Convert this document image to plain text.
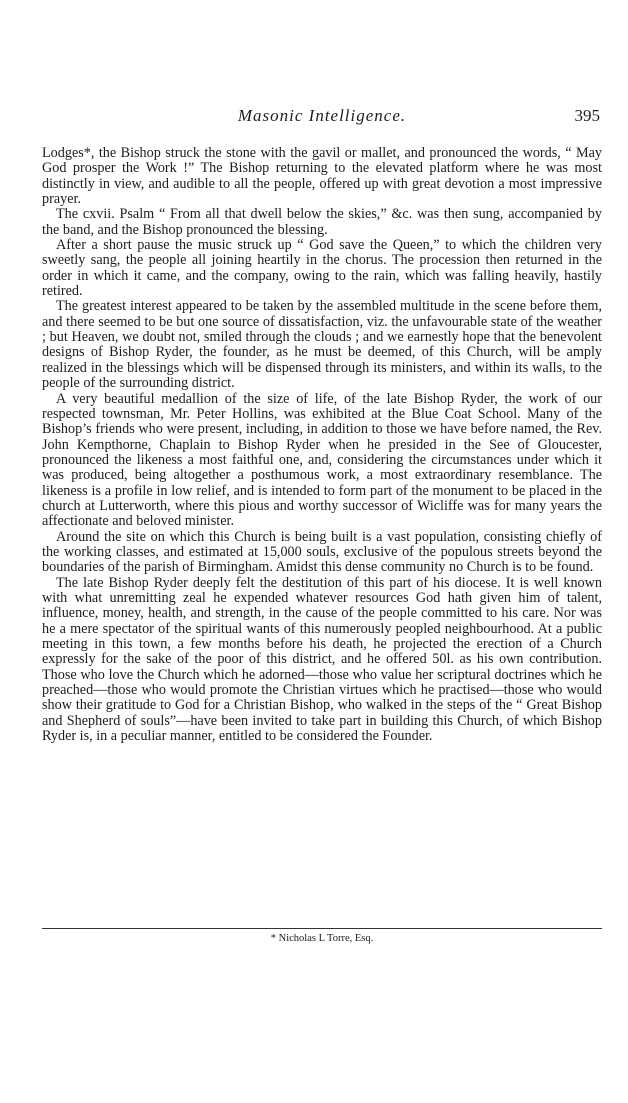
Masonic Intelligence.	395

Lodges*, the Bishop struck the stone with the gavil or mallet, and pronounced the words, “ May God prosper the Work !” The Bishop returning to the elevated platform where he was most distinctly in view, and audible to all the people, offered up with great devotion a most impressive prayer.

The cxvii. Psalm “ From all that dwell below the skies,” &c. was then sung, accompanied by the band, and the Bishop pronounced the blessing.

After a short pause the music struck up “ God save the Queen,” to which the children very sweetly sang, the people all joining heartily in the chorus. The procession then returned in the order in which it came, and the company, owing to the rain, which was falling heavily, hastily retired.

The greatest interest appeared to be taken by the assembled multitude in the scene before them, and there seemed to be but one source of dissatisfaction, viz. the unfavourable state of the weather ; but Heaven, we doubt not, smiled through the clouds ; and we earnestly hope that the benevolent designs of Bishop Ryder, the founder, as he must be deemed, of this Church, will be amply realized in the blessings which will be dispensed through its ministers, and within its walls, to the people of the surrounding district.

A very beautiful medallion of the size of life, of the late Bishop Ryder, the work of our respected townsman, Mr. Peter Hollins, was exhibited at the Blue Coat School. Many of the Bishop’s friends who were present, including, in addition to those we have before named, the Rev. John Kempthorne, Chaplain to Bishop Ryder when he presided in the See of Gloucester, pronounced the likeness a most faithful one, and, considering the circumstances under which it was produced, being altogether a posthumous work, a most extraordinary resemblance. The likeness is a profile in low relief, and is intended to form part of the monument to be placed in the church at Lutterworth, where this pious and worthy successor of Wicliffe was for many years the affectionate and beloved minister.

Around the site on which this Church is being built is a vast population, consisting chiefly of the working classes, and estimated at 15,000 souls, exclusive of the populous streets beyond the boundaries of the parish of Birmingham. Amidst this dense community no Church is to be found.

The late Bishop Ryder deeply felt the destitution of this part of his diocese. It is well known with what unremitting zeal he expended whatever resources God hath given him of talent, influence, money, health, and strength, in the cause of the people committed to his care. Nor was he a mere spectator of the spiritual wants of this numerously peopled neighbourhood. At a public meeting in this town, a few months before his death, he projected the erection of a Church expressly for the sake of the poor of this district, and he offered 50l. as his own contribution. Those who love the Church which he adorned—those who value her scriptural doctrines which he preached—those who would promote the Christian virtues which he practised—those who would show their gratitude to God for a Christian Bishop, who walked in the steps of the “ Great Bishop and Shepherd of souls”—have been invited to take part in building this Church, of which Bishop Ryder is, in a peculiar manner, entitled to be considered the Founder.

* Nicholas L Torre, Esq.
